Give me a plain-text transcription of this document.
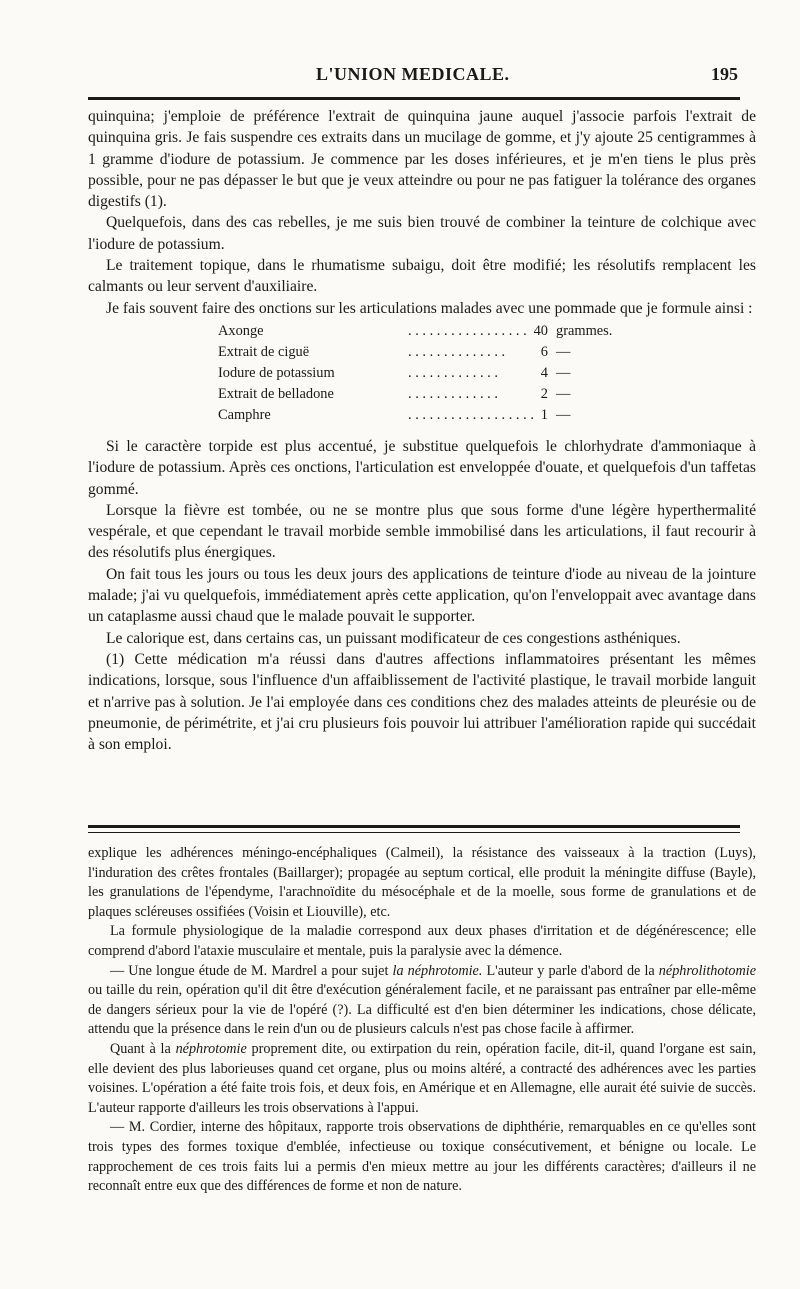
L'UNION MEDICALE.	195

quinquina; j'emploie de préférence l'extrait de quinquina jaune auquel j'associe parfois l'extrait de quinquina gris. Je fais suspendre ces extraits dans un mucilage de gomme, et j'y ajoute 25 centigrammes à 1 gramme d'iodure de potassium. Je commence par les doses inférieures, et je m'en tiens le plus près possible, pour ne pas dépasser le but que je veux atteindre ou pour ne pas fatiguer la tolérance des organes digestifs (1).

Quelquefois, dans des cas rebelles, je me suis bien trouvé de combiner la teinture de colchique avec l'iodure de potassium.

Le traitement topique, dans le rhumatisme subaigu, doit être modifié; les résolutifs remplacent les calmants ou leur servent d'auxiliaire.

Je fais souvent faire des onctions sur les articulations malades avec une pommade que je formule ainsi :

Axonge	. . . . . . . . . . . . . . . . . 40 grammes.
Extrait de ciguë	. . . . . . . . . . . . . .	6 —
Iodure de potassium	. . . . . . . . . . . . .	4 —
Extrait de belladone	. . . . . . . . . . . . .	2 —
Camphre	. . . . . . . . . . . . . . . . . . 1 —

Si le caractère torpide est plus accentué, je substitue quelquefois le chlorhydrate d'ammoniaque à l'iodure de potassium. Après ces onctions, l'articulation est enveloppée d'ouate, et quelquefois d'un taffetas gommé.

Lorsque la fièvre est tombée, ou ne se montre plus que sous forme d'une légère hyperthermalité vespérale, et que cependant le travail morbide semble immobilisé dans les articulations, il faut recourir à des résolutifs plus énergiques.

On fait tous les jours ou tous les deux jours des applications de teinture d'iode au niveau de la jointure malade; j'ai vu quelquefois, immédiatement après cette application, qu'on l'enveloppait avec avantage dans un cataplasme aussi chaud que le malade pouvait le supporter.

Le calorique est, dans certains cas, un puissant modificateur de ces congestions asthéniques.

(1) Cette médication m'a réussi dans d'autres affections inflammatoires présentant les mêmes indications, lorsque, sous l'influence d'un affaiblissement de l'activité plastique, le travail morbide languit et n'arrive pas à solution. Je l'ai employée dans ces conditions chez des malades atteints de pleurésie ou de pneumonie, de périmétrite, et j'ai cru plusieurs fois pouvoir lui attribuer l'amélioration rapide qui succédait à son emploi.

explique les adhérences méningo-encéphaliques (Calmeil), la résistance des vaisseaux à la traction (Luys), l'induration des crêtes frontales (Baillarger); propagée au septum cortical, elle produit la méningite diffuse (Bayle), les granulations de l'épendyme, l'arachnoïdite du mésocéphale et de la moelle, sous forme de granulations et de plaques scléreuses ossifiées (Voisin et Liouville), etc.

La formule physiologique de la maladie correspond aux deux phases d'irritation et de dégénérescence; elle comprend d'abord l'ataxie musculaire et mentale, puis la paralysie avec la démence.

— Une longue étude de M. Mardrel a pour sujet la néphrotomie. L'auteur y parle d'abord de la néphrolithotomie ou taille du rein, opération qu'il dit être d'exécution généralement facile, et ne paraissant pas entraîner par elle-même de dangers sérieux pour la vie de l'opéré (?). La difficulté est d'en bien déterminer les indications, chose délicate, attendu que la présence dans le rein d'un ou de plusieurs calculs n'est pas chose facile à affirmer.

Quant à la néphrotomie proprement dite, ou extirpation du rein, opération facile, dit-il, quand l'organe est sain, elle devient des plus laborieuses quand cet organe, plus ou moins altéré, a contracté des adhérences avec les parties voisines. L'opération a été faite trois fois, et deux fois, en Amérique et en Allemagne, elle aurait été suivie de succès. L'auteur rapporte d'ailleurs les trois observations à l'appui.

— M. Cordier, interne des hôpitaux, rapporte trois observations de diphthérie, remarquables en ce qu'elles sont trois types des formes toxique d'emblée, infectieuse ou toxique consécutivement, et bénigne ou locale. Le rapprochement de ces trois faits lui a permis d'en mieux mettre au jour les différents caractères; d'ailleurs il ne reconnaît entre eux que des différences de forme et non de nature.
